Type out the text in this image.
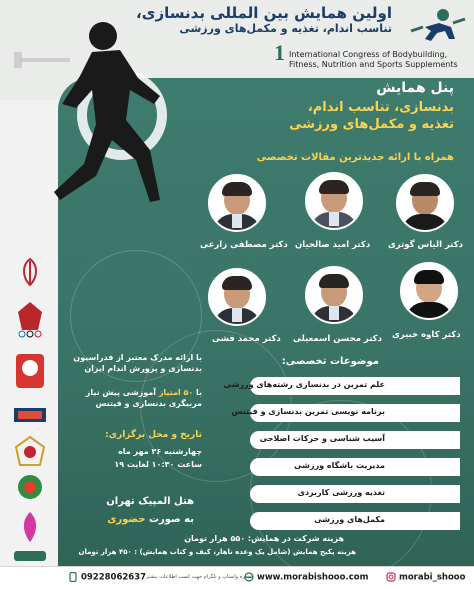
اولین همایش بین المللی بدنسازی،
تناسب اندام، تغذیه و مکمل‌های ورزشی
1 International Congress of Bodybuilding,
Fitness, Nutrition and Sports Supplements
پنل همایش
بدنسازی، تناسب اندام،
تغذیه و مکمل‌های ورزشی
همراه با ارائه جدیدترین مقالات تخصصی
دکتر مصطفی زارعی دکتر امید صالحیان دکتر الیاس گوثری
دکتر محمد فشی دکتر محسن اسمعیلی دکتر کاوه خبیری
با ارائه مدرک معتبر از فدراسیون
بدنسازی و پرورش اندام ایران
با ۵۰ امتیاز آموزشی پیش نیاز
مربیگری بدنسازی و فیتنس
تاریخ و محل برگزاری:
چهارشنبه ۲۶ مهر ماه
ساعت ۱۰:۳۰ لغایت ۱۹
هتل المپیک تهران
به صورت حضوری
موضوعات تخصصی:
علم تمرین در بدنسازی رشته‌های ورزشی
برنامه نویسی تمرین بدنسازی و فیتنس
آسیب شناسی و حرکات اصلاحی
مدیریت باشگاه ورزشی
تغذیه ورزشی کاربردی
مکمل‌های ورزشی
هزینه شرکت در همایش: ۵۵۰ هزار تومان
هزینه پکیج همایش (شامل یک وعده ناهار، کیف و کتاب همایش) : ۴۵۰ هزار تومان
09228062637 شماره واتساپ و تلگرام جهت کسب اطلاعات بیشتر www.morabishooo.com	morabi_shooo
